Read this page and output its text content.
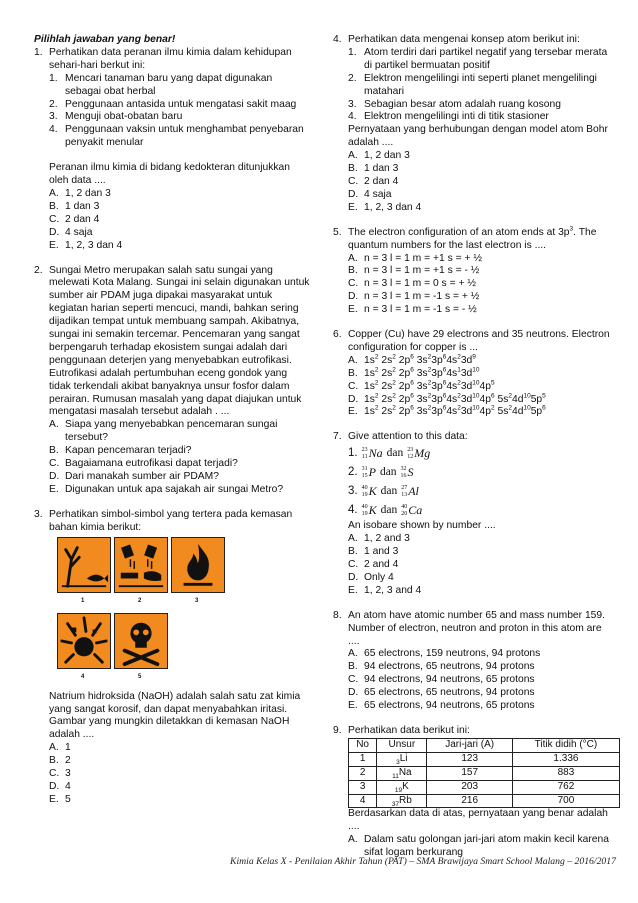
Pilihlah jawaban yang benar!
1. Perhatikan data peranan ilmu kimia dalam kehidupan sehari-hari berkut ini:
1. Mencari tanaman baru yang dapat digunakan sebagai obat herbal
2. Penggunaan antasida untuk mengatasi sakit maag
3. Menguji obat-obatan baru
4. Penggunaan vaksin untuk menghambat penyebaran penyakit menular
Peranan ilmu kimia di bidang kedokteran ditunjukkan oleh data ....
A. 1, 2 dan 3
B. 1 dan 3
C. 2 dan 4
D. 4 saja
E. 1, 2, 3 dan 4
2. Sungai Metro merupakan salah satu sungai yang melewati Kota Malang. Sungai ini selain digunakan untuk sumber air PDAM juga dipakai masyarakat untuk kegiatan harian seperti mencuci, mandi, bahkan sering dijadikan tempat untuk membuang sampah. Akibatnya, sungai ini semakin tercemar. Pencemaran yang sangat berpengaruh terhadap ekosistem sungai adalah dari penggunaan deterjen yang menyebabkan eutrofikasi. Eutrofikasi adalah pertumbuhan eceng gondok yang tidak terkendali akibat banyaknya unsur fosfor dalam perairan. Rumusan masalah yang dapat diajukan untuk mengatasi masalah tersebut adalah . ...
A. Siapa yang menyebabkan pencemaran sungai tersebut?
B. Kapan pencemaran terjadi?
C. Bagaiamana eutrofikasi dapat terjadi?
D. Dari manakah sumber air PDAM?
E. Digunakan untuk apa sajakah air sungai Metro?
3. Perhatikan simbol-simbol yang tertera pada kemasan bahan kimia berikut:
1	2	3
4	5
Natrium hidroksida (NaOH) adalah salah satu zat kimia yang sangat korosif, dan dapat menyabahkan iritasi. Gambar yang mungkin diletakkan di kemasan NaOH adalah ....
A. 1
B. 2
C. 3
D. 4
E. 5
4. Perhatikan data mengenai konsep atom berikut ini:
1. Atom terdiri dari partikel negatif yang tersebar merata di partikel bermuatan positif
2. Elektron mengelilingi inti seperti planet mengelilingi matahari
3. Sebagian besar atom adalah ruang kosong
4. Elektron mengelilingi inti di titik stasioner
Pernyataan yang berhubungan dengan model atom Bohr adalah ....
A. 1, 2 dan 3
B. 1 dan 3
C. 2 dan 4
D. 4 saja
E. 1, 2, 3 dan 4
5. The electron configuration of an atom ends at $3p^3$. The quantum numbers for the last electron is ....
A. n = 3 l = 1 m = +1 s = + ½
B. n = 3 l = 1 m = +1 s = - ½
C. n = 3 l = 1 m = 0 s = + ½
D. n = 3 l = 1 m = -1 s = + ½
E. n = 3 l = 1 m = -1 s = - ½
6. Copper (Cu) have 29 electrons and 35 neutrons. Electron configuration for copper is ...
A. $1s^2$ $2s^2$ $2p^6$ $3s^23p^64s^23d^9$
B. $1s^2$ $2s^2$ $2p^6$ $3s^23p^64s^13d^{10}$
C. $1s^2$ $2s^2$ $2p^6$ $3s^23p^64s^23d^{10}4p^5$
D. $1s^2$ $2s^2$ $2p^6$ $3s^23p^64s^23d^{10}4p^6$ $5s^24d^{10}5p^5$
E. $1s^2$ $2s^2$ $2p^6$ $3s^23p^64s^23d^{10}4p^2$ $5s^24d^{10}5p^6$
7. Give attention to this data:
1. 23
11 Na dan 23
12 Mg
2. 31
15 P dan 32
16 S
3. 40
19 K dan 27
13 Al
4. 40
19 K dan 40
20 Ca
An isobare shown by number ....
A. 1, 2 and 3
B. 1 and 3
C. 2 and 4
D. Only 4
E. 1, 2, 3 and 4
8. An atom have atomic number 65 and mass number 159. Number of electron, neutron and proton in this atom are ....
A. 65 electrons, 159 neutrons, 94 protons
B. 94 electrons, 65 neutrons, 94 protons
C. 94 electrons, 94 neutrons, 65 protons
D. 65 electrons, 65 neutrons, 94 protons
E. 65 electrons, 94 neutrons, 65 protons
9. Perhatikan data berikut ini:
No	Unsur	Jari-jari (A)	Titik didih (°C)
1	$_3$Li	123	1.336
2	$_{11}$Na	157	883
3	$_{19}$K	203	762
4	$_{37}$Rb	216	700
Berdasarkan data di atas, pernyataan yang benar adalah ....
A. Dalam satu golongan jari-jari atom makin kecil karena sifat logam berkurang
Kimia Kelas X - Penilaian Akhir Tahun (PAT) – SMA Brawijaya Smart School Malang – 2016/2017
